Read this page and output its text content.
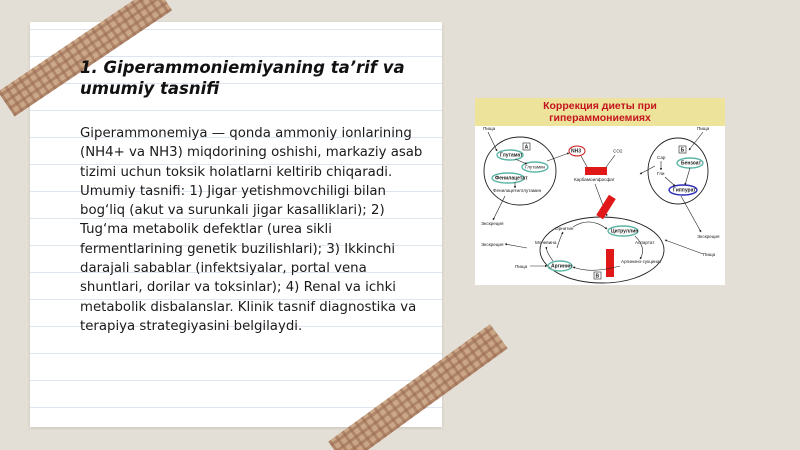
1. Giperammoniemiyaning ta’rif va umumiy tasnifi
Giperammonemiya — qonda ammoniy ionlarining (NH4+ va NH3) miqdorining oshishi, markaziy asab tizimi uchun toksik holatlarni keltirib chiqaradi. Umumiy tasnifi: 1) Jigar yetishmovchiligi bilan bog‘liq (akut va surunkali jigar kasalliklari); 2) Tug‘ma metabolik defektlar (urea sikli fermentlarining genetik buzilishlari); 3) Ikkinchi darajali sabablar (infektsiyalar, portal vena shuntlari, dorilar va toksinlar); 4) Renal va ichki metabolik disbalanslar. Klinik tasnif diagnostika va terapiya strategiyasini belgilaydi.
Коррекция диеты при
гипераммониемиях
А	Б
В
Пища
Глутамат
Глутамин
Фенилацетат
Фенилацетилглутамин
NH3	CO2
Карбамоилфосфат
Пища
Сар
Гли
Бензоат
Гиппурат
Экскреция
Экскреция
Экскреция
Пища
Орнитин
Цитруллин
Мочевина	Аспартат
Аргинин
Аргинино-сукцинат
Пища
